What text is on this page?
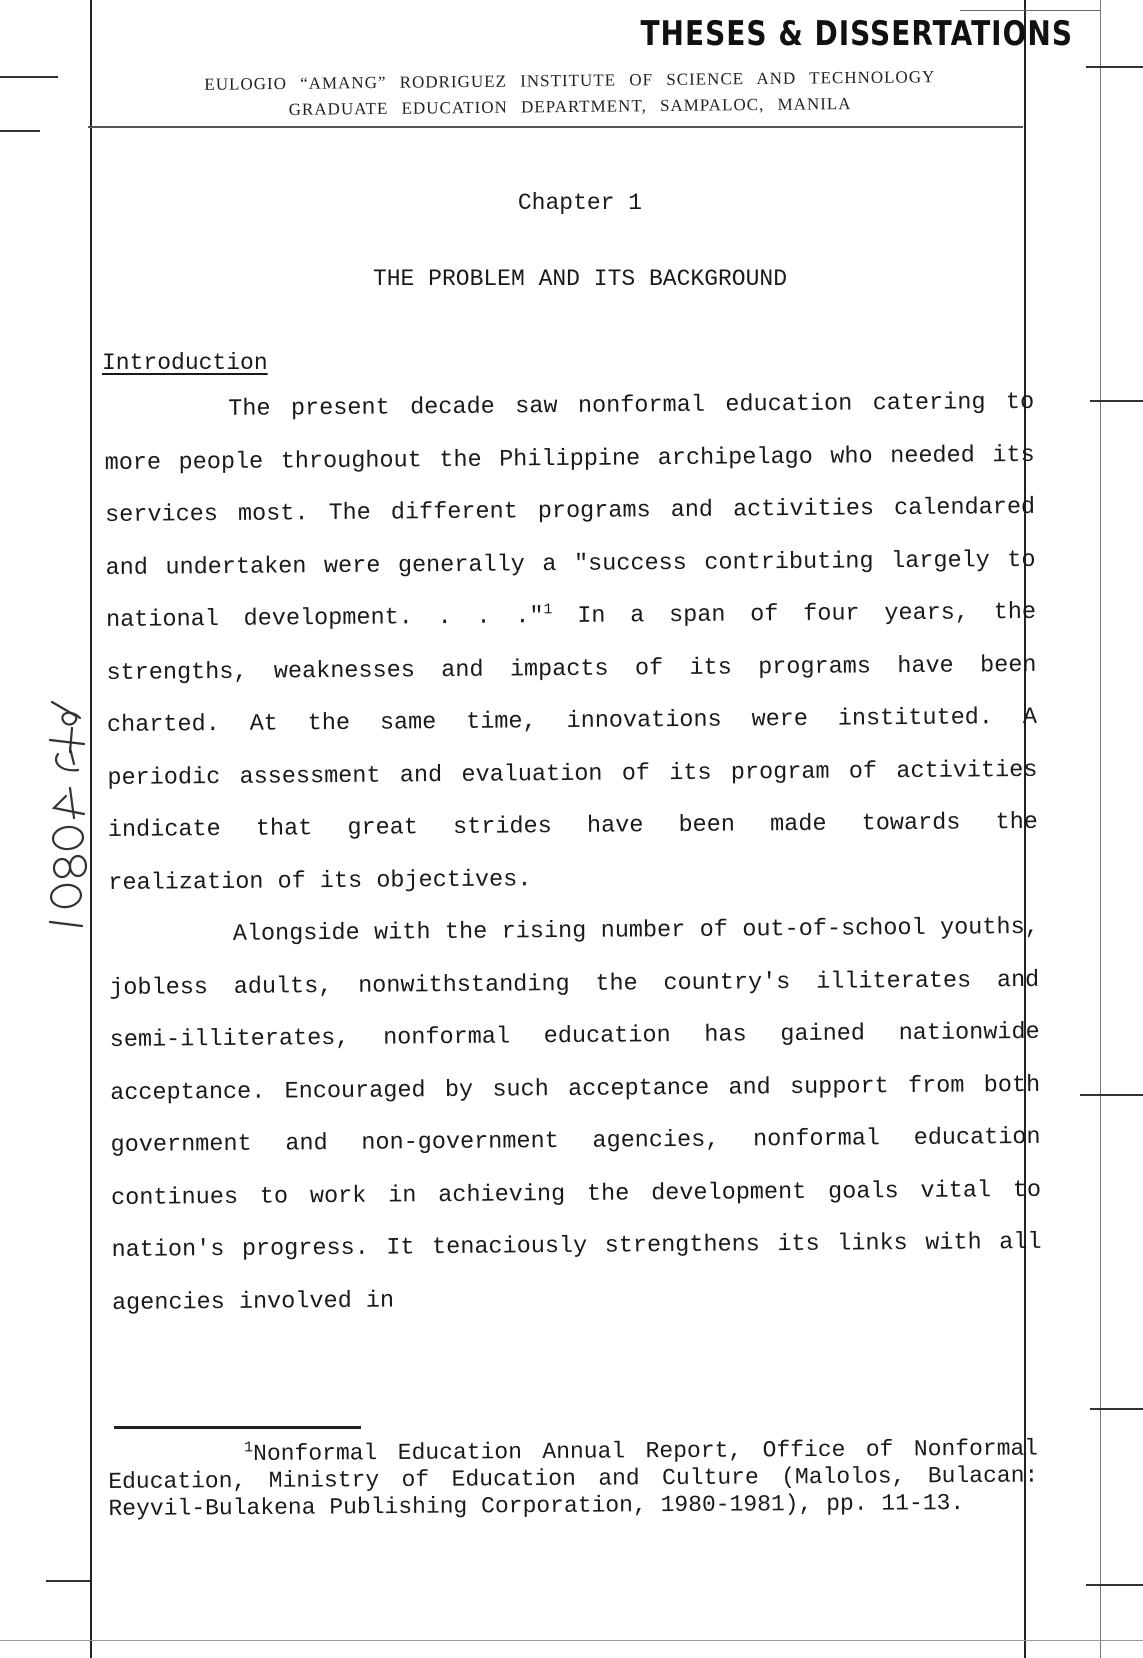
THESES & DISSERTATIONS
EULOGIO “AMANG” RODRIGUEZ INSTITUTE OF SCIENCE AND TECHNOLOGY
GRADUATE EDUCATION DEPARTMENT, SAMPALOC, MANILA
Chapter 1
THE PROBLEM AND ITS BACKGROUND
Introduction

The present decade saw nonformal education catering to more people throughout the Philippine archipelago who needed its services most. The different programs and activities calendared and undertaken were generally a "success contributing largely to national development. . . ."$^1$ In a span of four years, the strengths, weaknesses and impacts of its programs have been charted. At the same time, innovations were instituted. A periodic assessment and evaluation of its program of activities indicate that great strides have been made towards the realization of its objectives.

Alongside with the rising number of out-of-school youths, jobless adults, nonwithstanding the country's illiterates and semi-illiterates, nonformal education has gained nationwide acceptance. Encouraged by such acceptance and support from both government and non-government agencies, nonformal education continues to work in achieving the development goals vital to nation's progress. It tenaciously strengthens its links with all agencies involved in

$^1$Nonformal Education Annual Report, Office of Nonformal Education, Ministry of Education and Culture (Malolos, Bulacan: Reyvil-Bulakena Publishing Corporation, 1980-1981), pp. 11-13.
